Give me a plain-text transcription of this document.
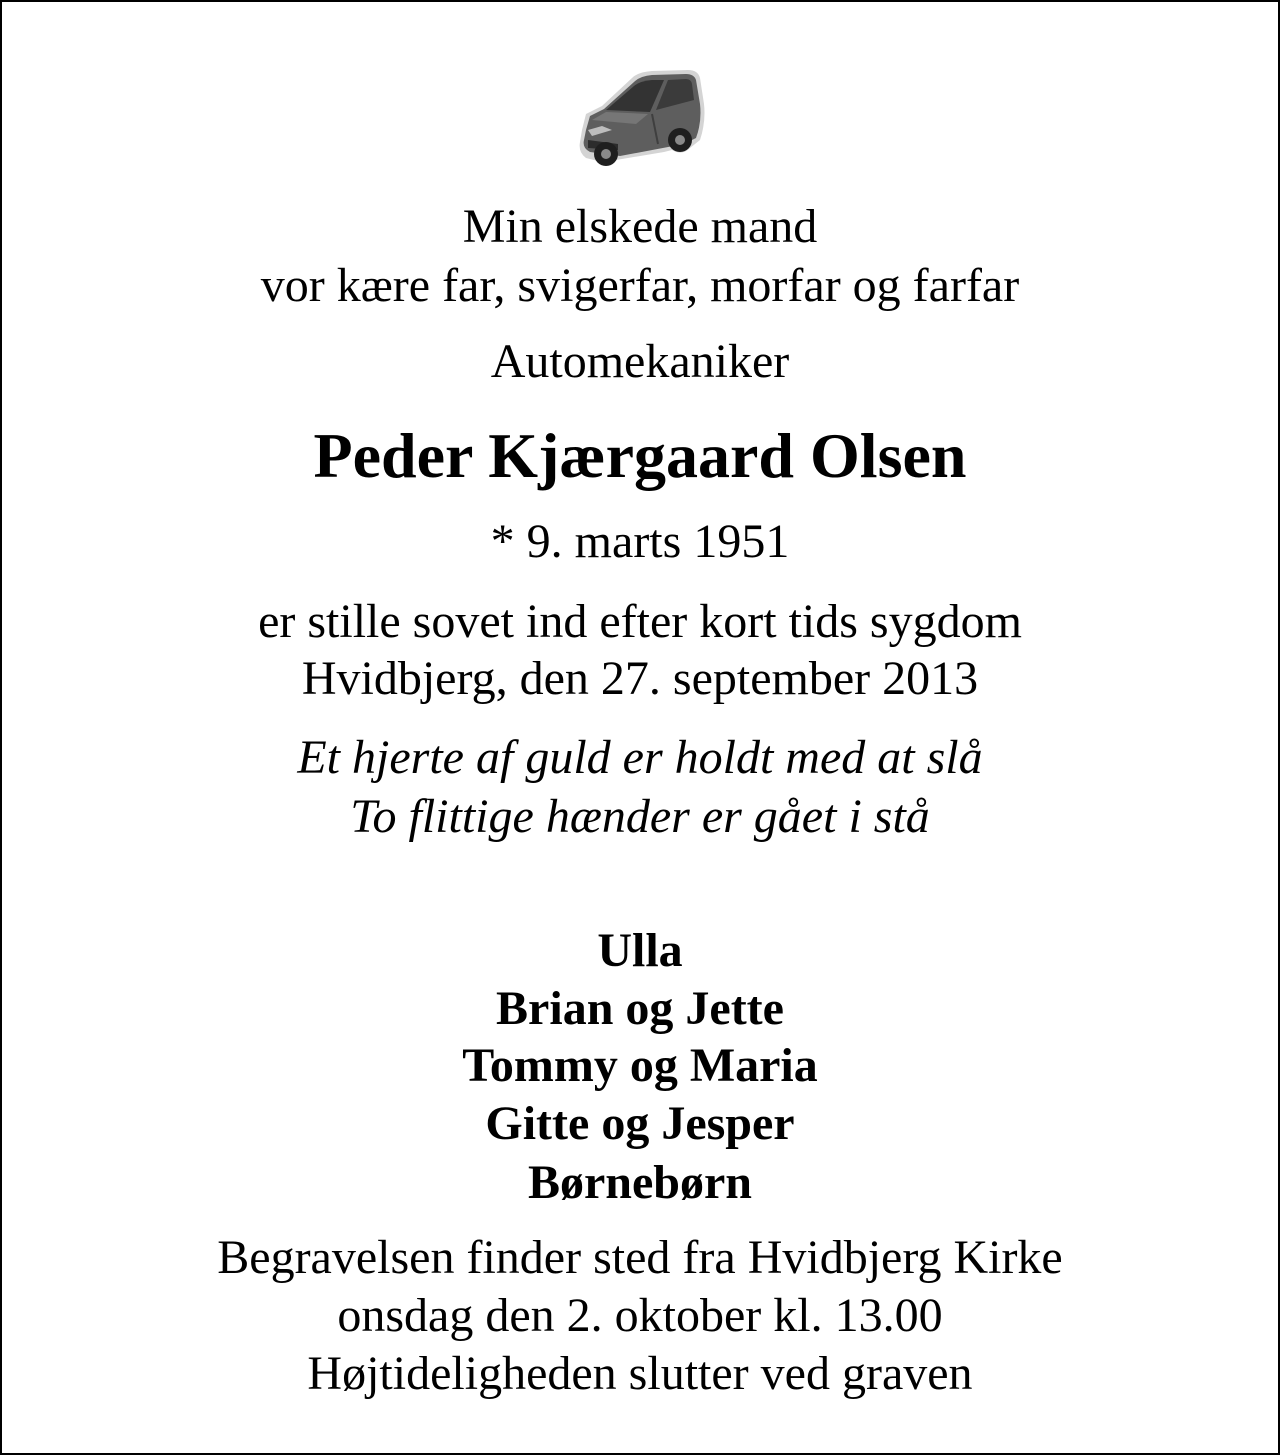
Min elskede mand
vor kære far, svigerfar, morfar og farfar
Automekaniker
Peder Kjærgaard Olsen
* 9. marts 1951
er stille sovet ind efter kort tids sygdom
Hvidbjerg, den 27. september 2013
Et hjerte af guld er holdt med at slå
To flittige hænder er gået i stå
Ulla
Brian og Jette
Tommy og Maria
Gitte og Jesper
Børnebørn
Begravelsen finder sted fra Hvidbjerg Kirke
onsdag den 2. oktober kl. 13.00
Højtideligheden slutter ved graven
